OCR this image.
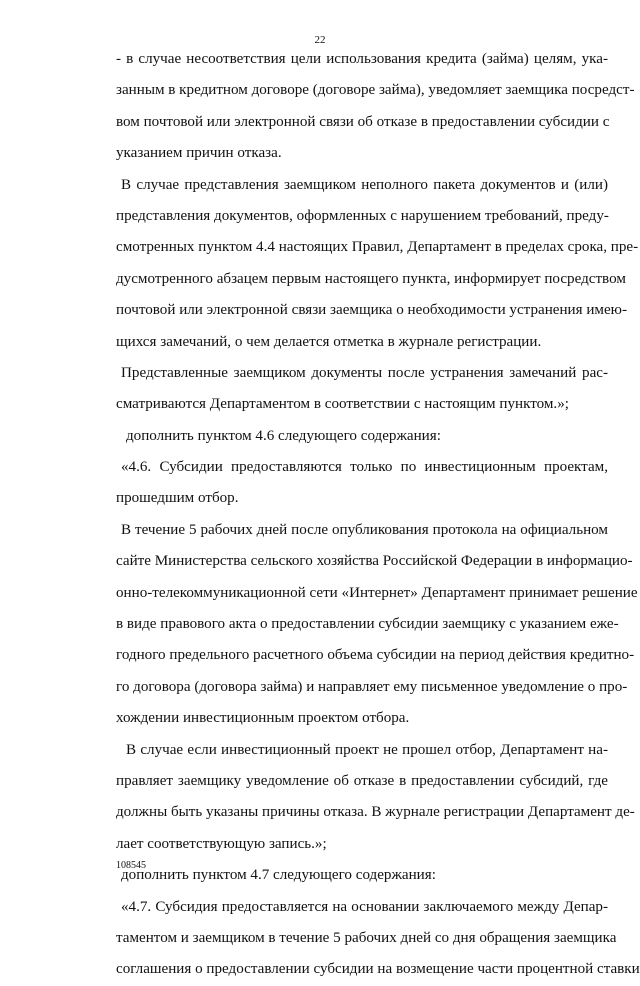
22
- в случае несоответствия цели использования кредита (займа) целям, ука-
занным в кредитном договоре (договоре займа), уведомляет заемщика посредст-
вом почтовой или электронной связи об отказе в предоставлении субсидии с
указанием причин отказа.
В случае представления заемщиком неполного пакета документов и (или)
представления документов, оформленных с нарушением требований, преду-
смотренных пунктом 4.4 настоящих Правил, Департамент в пределах срока, пре-
дусмотренного абзацем первым настоящего пункта, информирует посредством
почтовой или электронной связи заемщика о необходимости устранения имею-
щихся замечаний, о чем делается отметка в журнале регистрации.
Представленные заемщиком документы после устранения замечаний рас-
сматриваются Департаментом в соответствии с настоящим пунктом.»;
дополнить пунктом 4.6 следующего содержания:
«4.6. Субсидии предоставляются только по инвестиционным проектам,
прошедшим отбор.
В течение 5 рабочих дней после опубликования протокола на официальном
сайте Министерства сельского хозяйства Российской Федерации в информацио-
онно-телекоммуникационной сети «Интернет» Департамент принимает решение
в виде правового акта о предоставлении субсидии заемщику с указанием еже-
годного предельного расчетного объема субсидии на период действия кредитно-
го договора (договора займа) и направляет ему письменное уведомление о про-
хождении инвестиционным проектом отбора.
В случае если инвестиционный проект не прошел отбор, Департамент на-
правляет заемщику уведомление об отказе в предоставлении субсидий, где
должны быть указаны причины отказа. В журнале регистрации Департамент де-
лает соответствующую запись.»;
дополнить пунктом 4.7 следующего содержания:
«4.7. Субсидия предоставляется на основании заключаемого между Депар-
таментом и заемщиком в течение 5 рабочих дней со дня обращения заемщика
соглашения о предоставлении субсидии на возмещение части процентной ставки
108545
